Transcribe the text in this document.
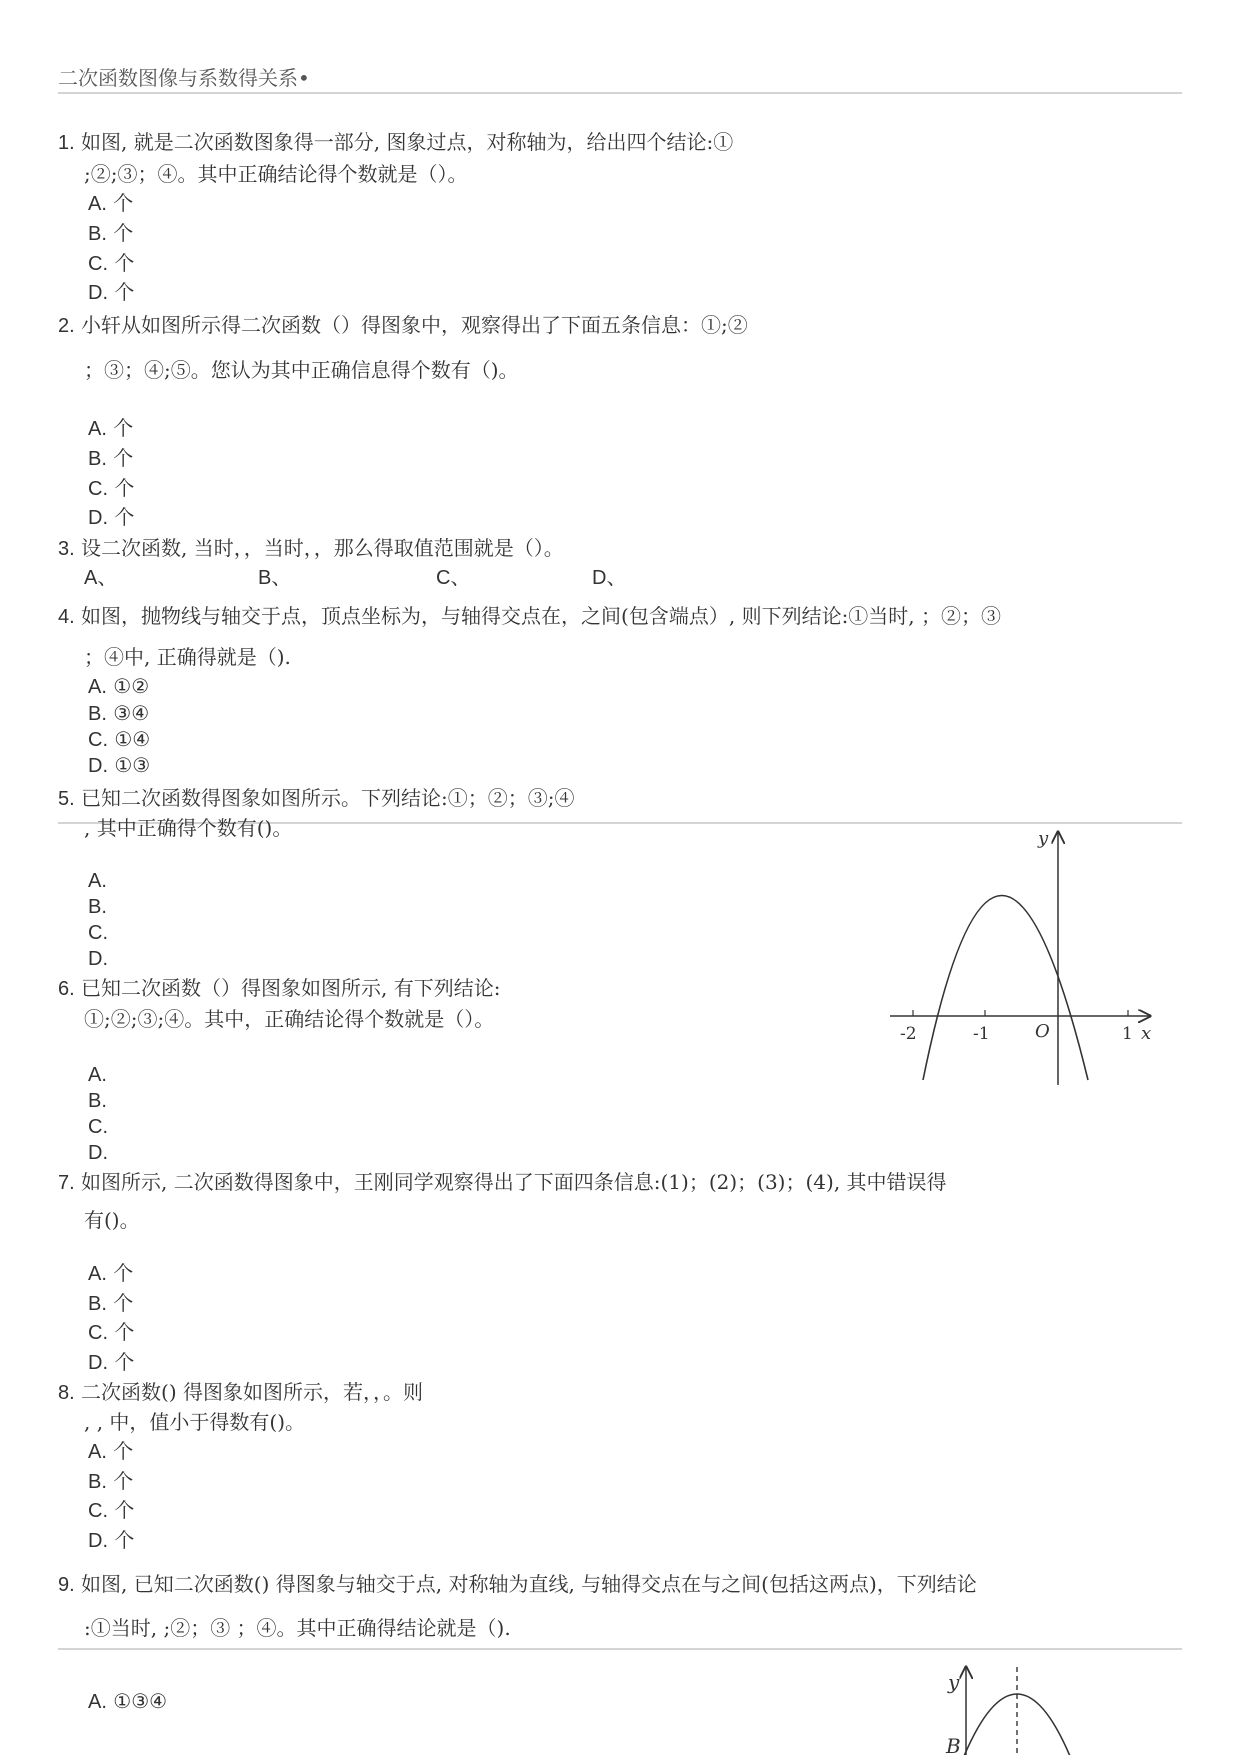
二次函数图像与系数得关系•
1. 如图, 就是二次函数图象得一部分, 图象过点，对称轴为，给出四个结论:①
;②;③；④。其中正确结论得个数就是（）。
A. 个
B. 个
C. 个
D. 个
2. 小轩从如图所示得二次函数（）得图象中，观察得出了下面五条信息：①;②
；③；④;⑤。您认为其中正确信息得个数有（)。
A. 个
B. 个
C. 个
D. 个
3. 设二次函数, 当时，，当时，，那么得取值范围就是（）。
A、	B、	C、	D、
4. 如图，抛物线与轴交于点，顶点坐标为，与轴得交点在，之间(包含端点）, 则下列结论:①当时, ；②；③
；④中, 正确得就是（).
A. ①②
B. ③④
C. ①④
D. ①③
5. 已知二次函数得图象如图所示。下列结论:①；②；③;④
, 其中正确得个数有()。
A.
B.
C.
D.
6. 已知二次函数（）得图象如图所示, 有下列结论:
①;②;③;④。其中，正确结论得个数就是（）。
A.
B.
C.
D.
7. 如图所示, 二次函数得图象中，王刚同学观察得出了下面四条信息:(1)；(2)；(3)；(4), 其中错误得
有()。
A. 个
B. 个
C. 个
D. 个
8. 二次函数() 得图象如图所示，若，，。则
, , 中，值小于得数有()。
A. 个
B. 个
C. 个
D. 个
9. 如图, 已知二次函数() 得图象与轴交于点, 对称轴为直线, 与轴得交点在与之间(包括这两点)，下列结论
:①当时, ;②；③ ；④。其中正确得结论就是（).
A. ①③④
y
x
O
-2	-1	1
y
B
